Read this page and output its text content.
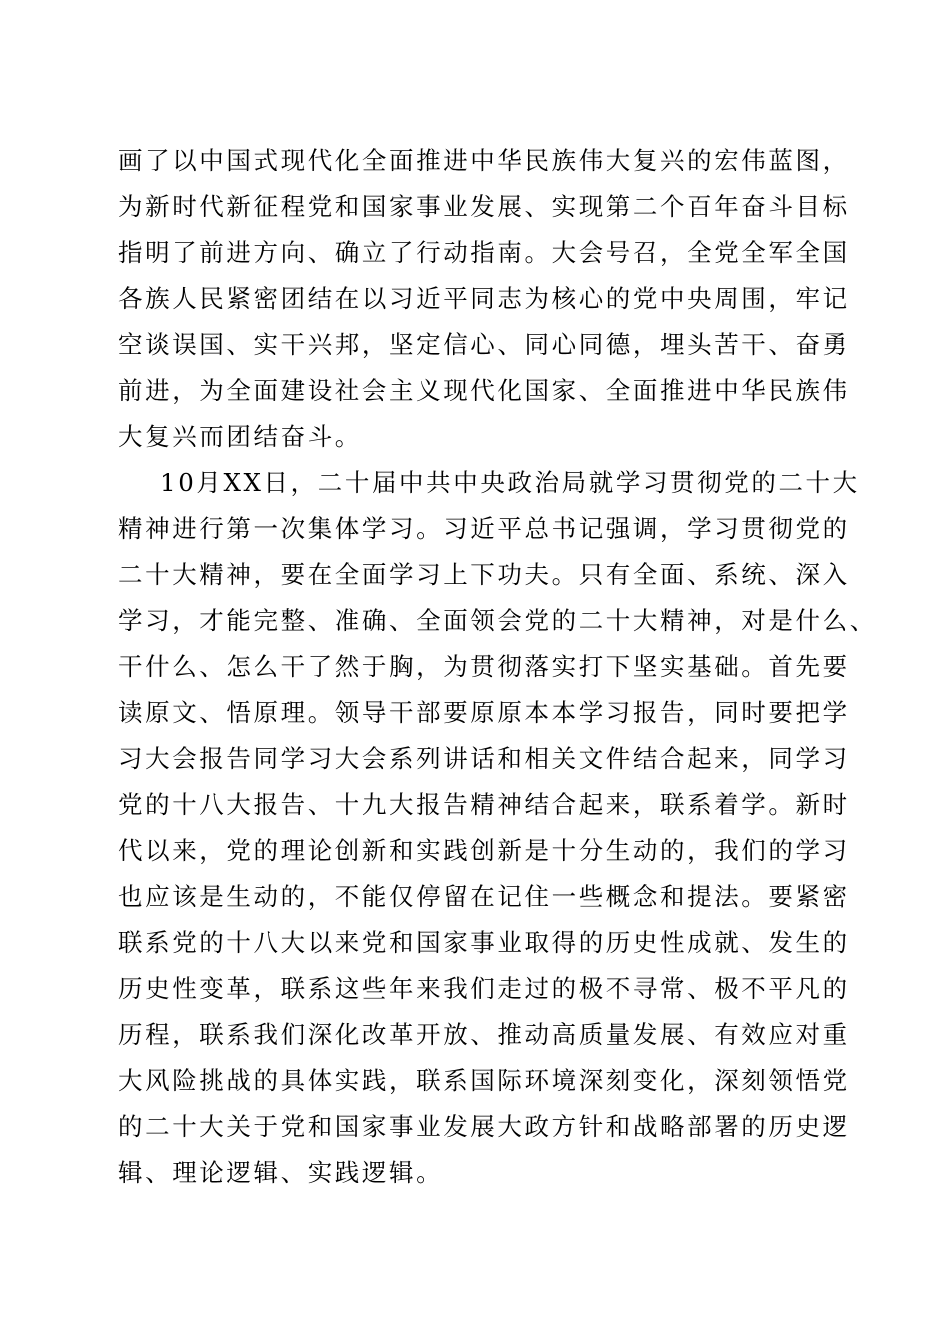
画了以中国式现代化全面推进中华民族伟大复兴的宏伟蓝图，
为新时代新征程党和国家事业发展、实现第二个百年奋斗目标
指明了前进方向、确立了行动指南。大会号召，全党全军全国
各族人民紧密团结在以习近平同志为核心的党中央周围，牢记
空谈误国、实干兴邦，坚定信心、同心同德，埋头苦干、奋勇
前进，为全面建设社会主义现代化国家、全面推进中华民族伟
大复兴而团结奋斗。
10月XX日，二十届中共中央政治局就学习贯彻党的二十大
精神进行第一次集体学习。习近平总书记强调，学习贯彻党的
二十大精神，要在全面学习上下功夫。只有全面、系统、深入
学习，才能完整、准确、全面领会党的二十大精神，对是什么、
干什么、怎么干了然于胸，为贯彻落实打下坚实基础。首先要
读原文、悟原理。领导干部要原原本本学习报告，同时要把学
习大会报告同学习大会系列讲话和相关文件结合起来，同学习
党的十八大报告、十九大报告精神结合起来，联系着学。新时
代以来，党的理论创新和实践创新是十分生动的，我们的学习
也应该是生动的，不能仅停留在记住一些概念和提法。要紧密
联系党的十八大以来党和国家事业取得的历史性成就、发生的
历史性变革，联系这些年来我们走过的极不寻常、极不平凡的
历程，联系我们深化改革开放、推动高质量发展、有效应对重
大风险挑战的具体实践，联系国际环境深刻变化，深刻领悟党
的二十大关于党和国家事业发展大政方针和战略部署的历史逻
辑、理论逻辑、实践逻辑。
